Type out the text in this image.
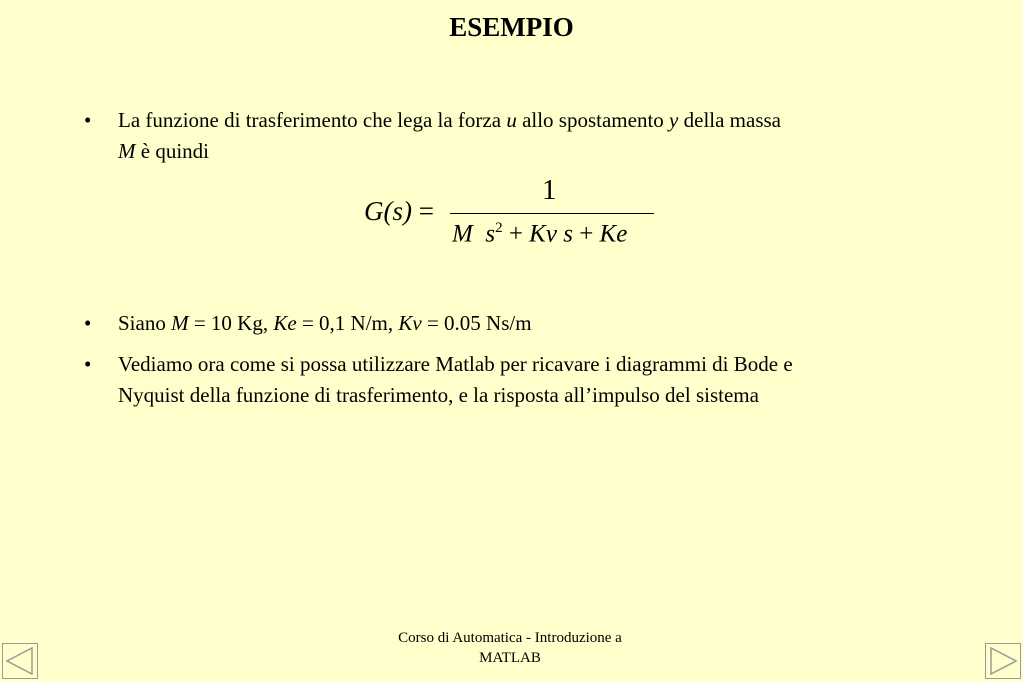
ESEMPIO
• La funzione di trasferimento che lega la forza u allo spostamento y della massa
M è quindi
G(s) =
1
M $s^2 + Kv$ s + Ke
• Siano M = 10 Kg, Ke = 0,1 N/m, Kv = 0.05 Ns/m
• Vediamo ora come si possa utilizzare Matlab per ricavare i diagrammi di Bode e
Nyquist della funzione di trasferimento, e la risposta all’impulso del sistema
Corso di Automatica - Introduzione a
MATLAB
